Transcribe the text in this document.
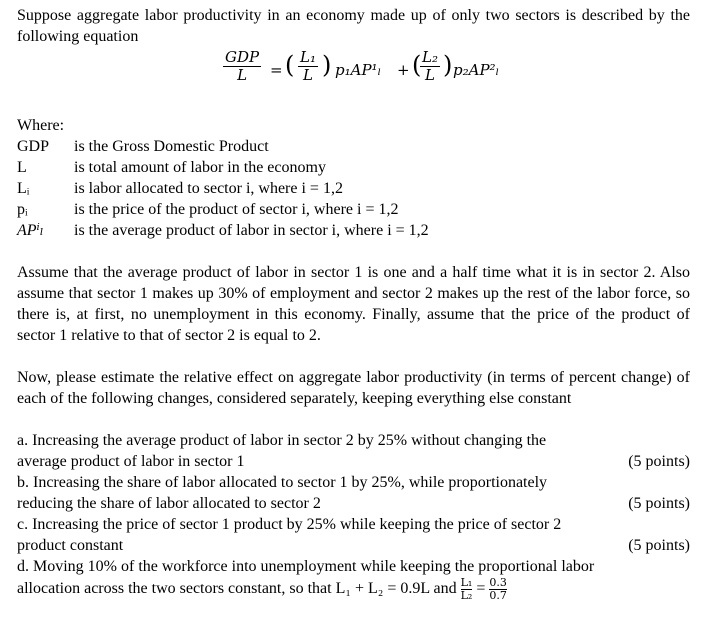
Suppose aggregate labor productivity in an economy made up of only two sectors is described by the following equation

GDP
L	= ( $\frac{\text{L₁}}{L}$ ) p₁AP¹ₗ + (
$\frac{\text{L₂}}{L}$ ) p₂AP²ₗ

Where:

GDP	is the Gross Domestic Product
L	is total amount of labor in the economy
Lᵢ	is labor allocated to sector i, where i = 1,2
pᵢ	is the price of the product of sector i, where i = 1,2
APⁱₗ	is the average product of labor in sector i, where i = 1,2

Assume that the average product of labor in sector 1 is one and a half time what it is in sector 2. Also assume that sector 1 makes up 30% of employment and sector 2 makes up the rest of the labor force, so there is, at first, no unemployment in this economy. Finally, assume that the price of the product of sector 1 relative to that of sector 2 is equal to 2.

Now, please estimate the relative effect on aggregate labor productivity (in terms of percent change) of each of the following changes, considered separately, keeping everything else constant

a. Increasing the average product of labor in sector 2 by 25% without changing the
average product of labor in sector 1	(5 points)
b. Increasing the share of labor allocated to sector 1 by 25%, while proportionately
reducing the share of labor allocated to sector 2	(5 points)
c. Increasing the price of sector 1 product by 25% while keeping the price of sector 2
product constant	(5 points)
d. Moving 10% of the workforce into unemployment while keeping the proportional labor
allocation across the two sectors constant, so that L₁ + L₂ = 0.9L and $\frac{\text{L₁}}{\text{L₂}} = \frac{0.3}{0.7}$
